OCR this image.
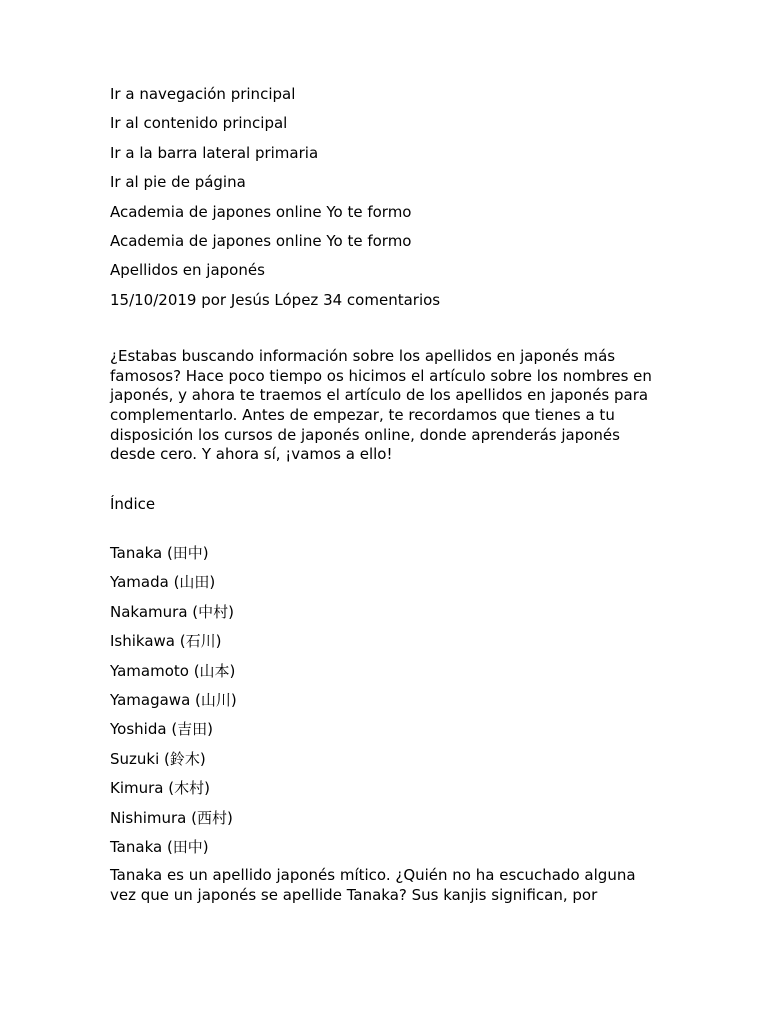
Ir a navegación principal
Ir al contenido principal
Ir a la barra lateral primaria
Ir al pie de página
Academia de japones online Yo te formo
Academia de japones online Yo te formo
Apellidos en japonés
15/10/2019 por Jesús López 34 comentarios

¿Estabas buscando información sobre los apellidos en japonés más famosos? Hace poco tiempo os hicimos el artículo sobre los nombres en japonés, y ahora te traemos el artículo de los apellidos en japonés para complementarlo. Antes de empezar, te recordamos que tienes a tu disposición los cursos de japonés online, donde aprenderás japonés desde cero. Y ahora sí, ¡vamos a ello!

Índice
Tanaka (田中)
Yamada (山田)
Nakamura (中村)
Ishikawa (石川)
Yamamoto (山本)
Yamagawa (山川)
Yoshida (吉田)
Suzuki (鈴木)
Kimura (木村)
Nishimura (西村)
Tanaka (田中)

Tanaka es un apellido japonés mítico. ¿Quién no ha escuchado alguna vez que un japonés se apellide Tanaka? Sus kanjis significan, por
